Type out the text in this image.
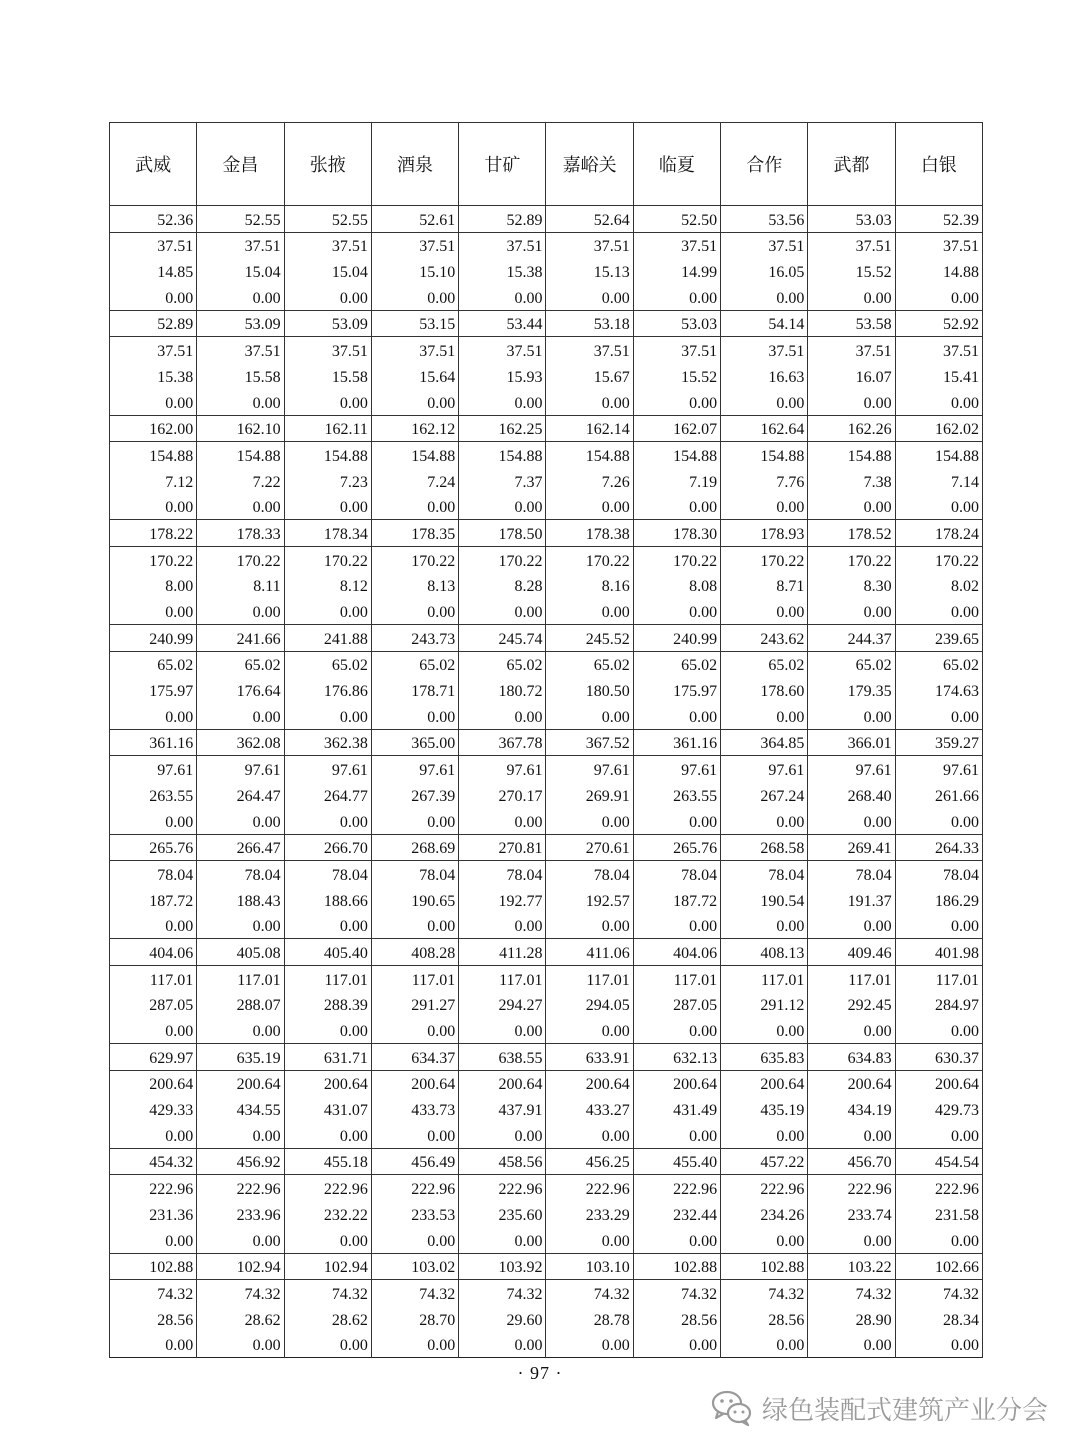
武威	金昌	张掖	酒泉	甘矿	嘉峪关	临夏	合作	武都	白银
52.36	52.55	52.55	52.61	52.89	52.64	52.50	53.56	53.03	52.39
37.51	37.51	37.51	37.51	37.51	37.51	37.51	37.51	37.51	37.51
14.85	15.04	15.04	15.10	15.38	15.13	14.99	16.05	15.52	14.88
0.00	0.00	0.00	0.00	0.00	0.00	0.00	0.00	0.00	0.00
52.89	53.09	53.09	53.15	53.44	53.18	53.03	54.14	53.58	52.92
37.51	37.51	37.51	37.51	37.51	37.51	37.51	37.51	37.51	37.51
15.38	15.58	15.58	15.64	15.93	15.67	15.52	16.63	16.07	15.41
0.00	0.00	0.00	0.00	0.00	0.00	0.00	0.00	0.00	0.00
162.00	162.10	162.11	162.12	162.25	162.14	162.07	162.64	162.26	162.02
154.88	154.88	154.88	154.88	154.88	154.88	154.88	154.88	154.88	154.88
7.12	7.22	7.23	7.24	7.37	7.26	7.19	7.76	7.38	7.14
0.00	0.00	0.00	0.00	0.00	0.00	0.00	0.00	0.00	0.00
178.22	178.33	178.34	178.35	178.50	178.38	178.30	178.93	178.52	178.24
170.22	170.22	170.22	170.22	170.22	170.22	170.22	170.22	170.22	170.22
8.00	8.11	8.12	8.13	8.28	8.16	8.08	8.71	8.30	8.02
0.00	0.00	0.00	0.00	0.00	0.00	0.00	0.00	0.00	0.00
240.99	241.66	241.88	243.73	245.74	245.52	240.99	243.62	244.37	239.65
65.02	65.02	65.02	65.02	65.02	65.02	65.02	65.02	65.02	65.02
175.97	176.64	176.86	178.71	180.72	180.50	175.97	178.60	179.35	174.63
0.00	0.00	0.00	0.00	0.00	0.00	0.00	0.00	0.00	0.00
361.16	362.08	362.38	365.00	367.78	367.52	361.16	364.85	366.01	359.27
97.61	97.61	97.61	97.61	97.61	97.61	97.61	97.61	97.61	97.61
263.55	264.47	264.77	267.39	270.17	269.91	263.55	267.24	268.40	261.66
0.00	0.00	0.00	0.00	0.00	0.00	0.00	0.00	0.00	0.00
265.76	266.47	266.70	268.69	270.81	270.61	265.76	268.58	269.41	264.33
78.04	78.04	78.04	78.04	78.04	78.04	78.04	78.04	78.04	78.04
187.72	188.43	188.66	190.65	192.77	192.57	187.72	190.54	191.37	186.29
0.00	0.00	0.00	0.00	0.00	0.00	0.00	0.00	0.00	0.00
404.06	405.08	405.40	408.28	411.28	411.06	404.06	408.13	409.46	401.98
117.01	117.01	117.01	117.01	117.01	117.01	117.01	117.01	117.01	117.01
287.05	288.07	288.39	291.27	294.27	294.05	287.05	291.12	292.45	284.97
0.00	0.00	0.00	0.00	0.00	0.00	0.00	0.00	0.00	0.00
629.97	635.19	631.71	634.37	638.55	633.91	632.13	635.83	634.83	630.37
200.64	200.64	200.64	200.64	200.64	200.64	200.64	200.64	200.64	200.64
429.33	434.55	431.07	433.73	437.91	433.27	431.49	435.19	434.19	429.73
0.00	0.00	0.00	0.00	0.00	0.00	0.00	0.00	0.00	0.00
454.32	456.92	455.18	456.49	458.56	456.25	455.40	457.22	456.70	454.54
222.96	222.96	222.96	222.96	222.96	222.96	222.96	222.96	222.96	222.96
231.36	233.96	232.22	233.53	235.60	233.29	232.44	234.26	233.74	231.58
0.00	0.00	0.00	0.00	0.00	0.00	0.00	0.00	0.00	0.00
102.88	102.94	102.94	103.02	103.92	103.10	102.88	102.88	103.22	102.66
74.32	74.32	74.32	74.32	74.32	74.32	74.32	74.32	74.32	74.32
28.56	28.62	28.62	28.70	29.60	28.78	28.56	28.56	28.90	28.34
0.00	0.00	0.00	0.00	0.00	0.00	0.00	0.00	0.00	0.00
· 97 ·
绿色装配式建筑产业分会
